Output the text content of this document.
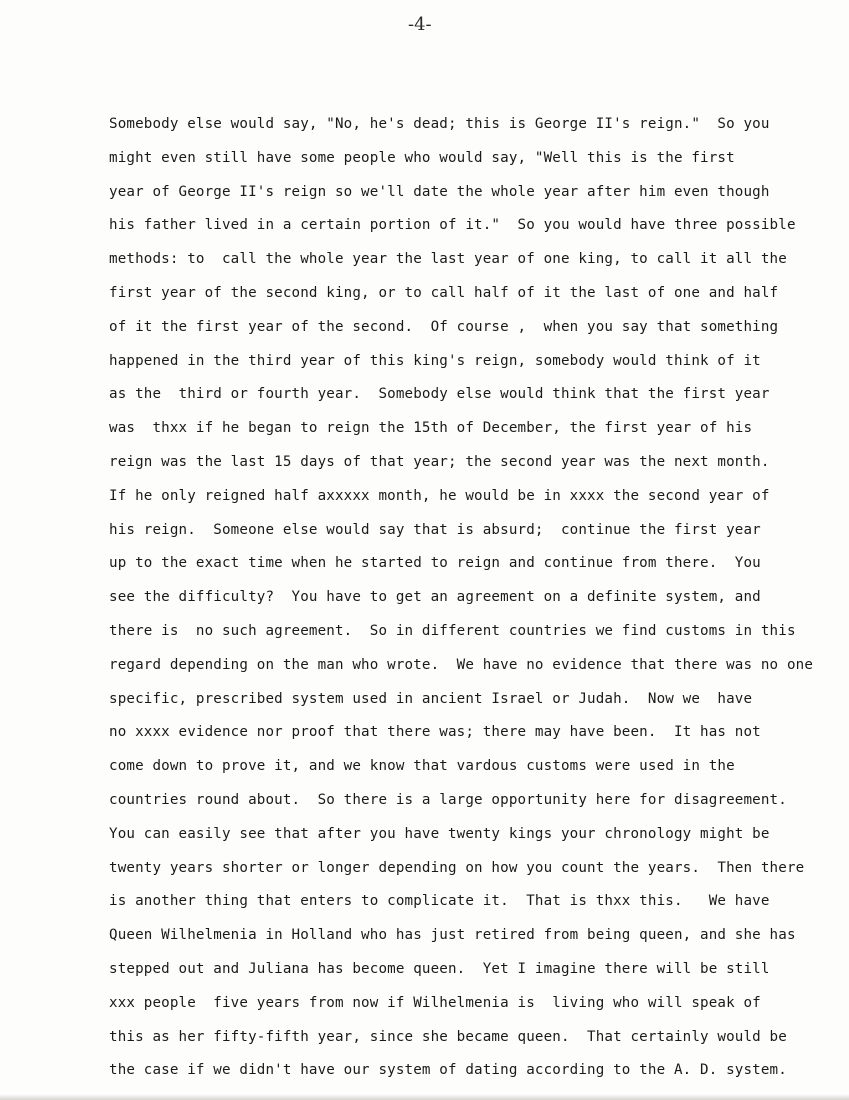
-4-
Somebody else would say, "No, he's dead; this is George II's reign."  So you
might even still have some people who would say, "Well this is the first
year of George II's reign so we'll date the whole year after him even though
his father lived in a certain portion of it."  So you would have three possible
methods: to  call the whole year the last year of one king, to call it all the
first year of the second king, or to call half of it the last of one and half
of it the first year of the second.  Of course ,  when you say that something
happened in the third year of this king's reign, somebody would think of it
as the  third or fourth year.  Somebody else would think that the first year
was  thxx if he began to reign the 15th of December, the first year of his
reign was the last 15 days of that year; the second year was the next month.
If he only reigned half axxxxx month, he would be in xxxx the second year of
his reign.  Someone else would say that is absurd;  continue the first year
up to the exact time when he started to reign and continue from there.  You
see the difficulty?  You have to get an agreement on a definite system, and
there is  no such agreement.  So in different countries we find customs in this
regard depending on the man who wrote.  We have no evidence that there was no one
specific, prescribed system used in ancient Israel or Judah.  Now we  have
no xxxx evidence nor proof that there was; there may have been.  It has not
come down to prove it, and we know that vardous customs were used in the
countries round about.  So there is a large opportunity here for disagreement.
You can easily see that after you have twenty kings your chronology might be
twenty years shorter or longer depending on how you count the years.  Then there
is another thing that enters to complicate it.  That is thxx this.   We have
Queen Wilhelmenia in Holland who has just retired from being queen, and she has
stepped out and Juliana has become queen.  Yet I imagine there will be still
xxx people  five years from now if Wilhelmenia is  living who will speak of
this as her fifty-fifth year, since she became queen.  That certainly would be
the case if we didn't have our system of dating according to the A. D. system.
